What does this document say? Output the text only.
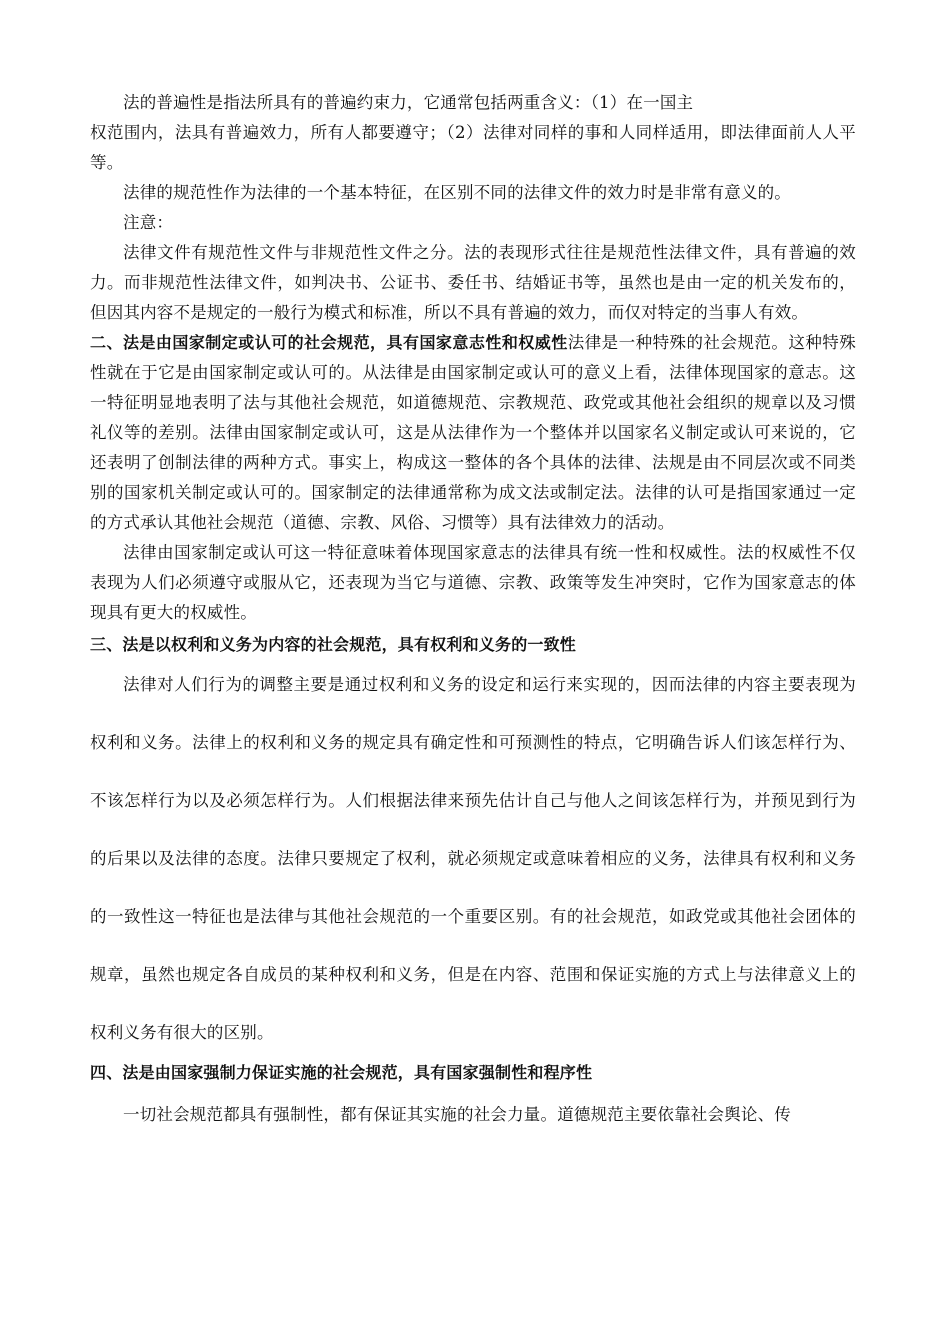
法的普遍性是指法所具有的普遍约束力，它通常包括两重含义：（1）在一国主

权范围内，法具有普遍效力，所有人都要遵守；（2）法律对同样的事和人同样适用，即法律面前人人平等。

法律的规范性作为法律的一个基本特征，在区别不同的法律文件的效力时是非常有意义的。

注意：

法律文件有规范性文件与非规范性文件之分。法的表现形式往往是规范性法律文件，具有普遍的效力。而非规范性法律文件，如判决书、公证书、委任书、结婚证书等，虽然也是由一定的机关发布的，但因其内容不是规定的一般行为模式和标准，所以不具有普遍的效力，而仅对特定的当事人有效。

二、法是由国家制定或认可的社会规范，具有国家意志性和权威性法律是一种特殊的社会规范。这种特殊性就在于它是由国家制定或认可的。从法律是由国家制定或认可的意义上看，法律体现国家的意志。这一特征明显地表明了法与其他社会规范，如道德规范、宗教规范、政党或其他社会组织的规章以及习惯礼仪等的差别。法律由国家制定或认可，这是从法律作为一个整体并以国家名义制定或认可来说的，它还表明了创制法律的两种方式。事实上，构成这一整体的各个具体的法律、法规是由不同层次或不同类别的国家机关制定或认可的。国家制定的法律通常称为成文法或制定法。法律的认可是指国家通过一定的方式承认其他社会规范（道德、宗教、风俗、习惯等）具有法律效力的活动。

法律由国家制定或认可这一特征意味着体现国家意志的法律具有统一性和权威性。法的权威性不仅表现为人们必须遵守或服从它，还表现为当它与道德、宗教、政策等发生冲突时，它作为国家意志的体现具有更大的权威性。

三、法是以权利和义务为内容的社会规范，具有权利和义务的一致性

法律对人们行为的调整主要是通过权利和义务的设定和运行来实现的，因而法律的内容主要表现为权利和义务。法律上的权利和义务的规定具有确定性和可预测性的特点，它明确告诉人们该怎样行为、不该怎样行为以及必须怎样行为。人们根据法律来预先估计自己与他人之间该怎样行为，并预见到行为的后果以及法律的态度。法律只要规定了权利，就必须规定或意味着相应的义务，法律具有权利和义务的一致性这一特征也是法律与其他社会规范的一个重要区别。有的社会规范，如政党或其他社会团体的规章，虽然也规定各自成员的某种权利和义务，但是在内容、范围和保证实施的方式上与法律意义上的权利义务有很大的区别。

四、法是由国家强制力保证实施的社会规范，具有国家强制性和程序性

一切社会规范都具有强制性，都有保证其实施的社会力量。道德规范主要依靠社会舆论、传
